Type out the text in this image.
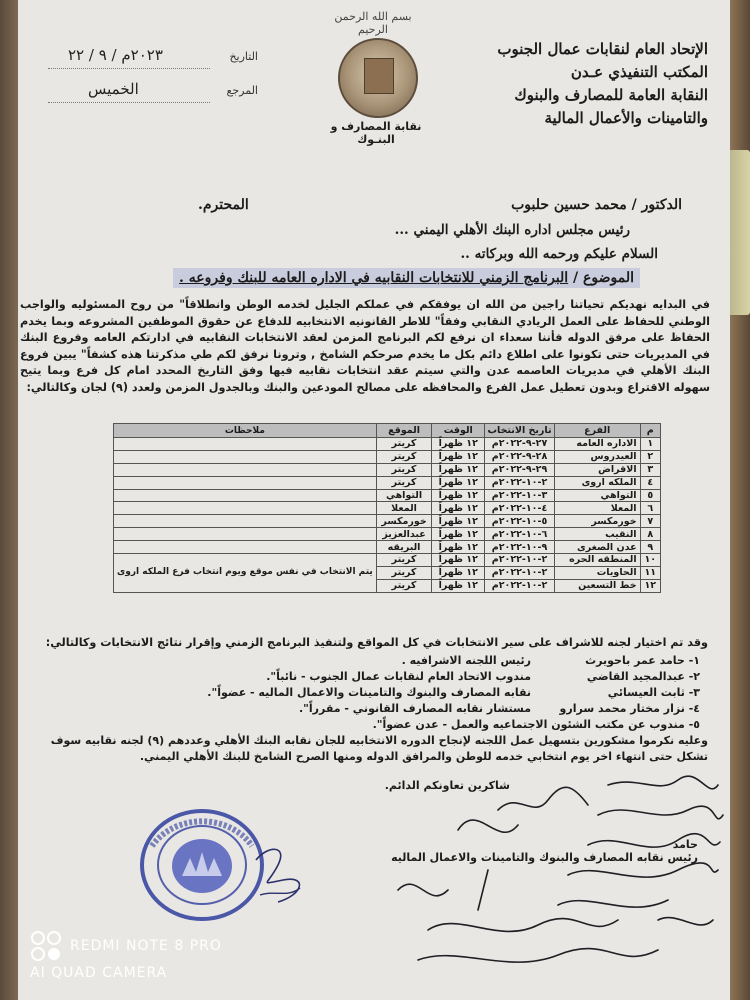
بسم الله الرحمن الرحيم
الإتحاد العام لنقابات عمال الجنوب
المكتب التنفيذي عـدن
النقابة العامة للمصارف والبنوك
والتامينات والأعمال المالية
نقابة المصارف و البنـوك
التاريخ
٢٠٢٣م / ٩ / ٢٢
المرجع
الخمیس
الدكتور / محمد حسين حلبوب
المحترم.
رئيس مجلس اداره البنك الأهلي اليمني ...
السلام عليكم ورحمه الله وبركاته ..
الموضوع / البرنامج الزمني للانتخابات النقابيه في الاداره العامه للبنك وفروعه .
في البدايه نهديكم تحياتنا راجين من الله ان يوفقكم في عملكم الجليل لخدمه الوطن وانطلاقاً" من روح المسئوليه والواجب الوطني للحفاظ على العمل الريادي النقابي وفقاً" للاطر القانونيه الانتخابيه للدفاع عن حقوق الموظفين المشروعه وبما يخدم الحفاظ على مرفق الدوله فأننا سعداء ان نرفع لكم البرنامج المزمن لعقد الانتخابات النقابيه في ادارتكم العامه وفروع البنك في المديريات حتى تكونوا على اطلاع دائم بكل ما يخدم صرحكم الشامخ , وترونا نرفق لكم طي مذكرتنا هذه كشفاً" يبين فروع البنك الأهلي في مديريات العاصمه عدن والتي سيتم عقد انتخابات نقابيه فيها وفق التاريخ المحدد امام كل فرع وبما يتيح سهوله الاقتراع وبدون تعطيل عمل الفرع والمحافظه على مصالح المودعين والبنك وبالجدول المزمن ولعدد (٩) لجان وكالتالي:
م	الفرع	تاريخ الانتخاب	الوقت	الموقع	ملاحظات
١	الاداره العامه	٢٧-٩-٢٠٢٢م	١٢ ظهراً	كريتر	
٢	العيدروس	٢٨-٩-٢٠٢٢م	١٢ ظهراً	كريتر	
٣	الاقراض	٢٩-٩-٢٠٢٢م	١٢ ظهراً	كريتر	
٤	الملكه اروى	٢-١٠-٢٠٢٢م	١٢ ظهراً	كريتر	
٥	التواهي	٣-١٠-٢٠٢٢م	١٢ ظهراً	التواهي	
٦	المعلا	٤-١٠-٢٠٢٢م	١٢ ظهراً	المعلا	
٧	خورمكسر	٥-١٠-٢٠٢٢م	١٢ ظهراً	خورمكسر	
٨	النقيب	٦-١٠-٢٠٢٢م	١٢ ظهراً	عبدالعزيز	
٩	عدن الصغرى	٩-١٠-٢٠٢٢م	١٢ ظهراً	البريقه	
١٠	المنطقه الحره	٢-١٠-٢٠٢٢م	١٢ ظهراً	كريتر	يتم الانتخاب في نفس موقع ويوم انتخاب فرع الملكه اروى
١١	الحاويات	٢-١٠-٢٠٢٢م	١٢ ظهراً	كريتر	
١٢	خط التسعين	٢-١٠-٢٠٢٢م	١٢ ظهراً	كريتر	
وقد تم اختيار لجنه للاشراف على سير الانتخابات في كل المواقع ولتنفيذ البرنامج الزمني وإقرار نتائج الانتخابات وكالتالي:
١- حامد عمر باحويرث رئيس اللجنه الاشرافيه .
٢- عبدالمجيد القاضي مندوب الاتحاد العام لنقابات عمال الجنوب - نائباً".
٣- ثابت العيسائي نقابه المصارف والبنوك والتامينات والاعمال الماليه - عضواً".
٤- نزار مختار محمد سرارو مستشار نقابه المصارف القانوني - مقرراً".
٥- مندوب عن مكتب الشئون الاجتماعيه والعمل - عدن عضواً".
وعليه نكرموا مشكورين بتسهيل عمل اللجنه لإنجاح الدوره الانتخابيه للجان نقابه البنك الأهلي وعددهم (٩) لجنه نقابيه سوف تشكل حتى انتهاء اخر يوم انتخابي خدمه للوطن والمرافق الدوله ومنها الصرح الشامخ للبنك الأهلي اليمني.
شاكرين تعاونكم الدائم.
حامد
رئيس نقابه المصارف والبنوك والتامينات والاعمال الماليه
REDMI NOTE 8 PRO
AI QUAD CAMERA
